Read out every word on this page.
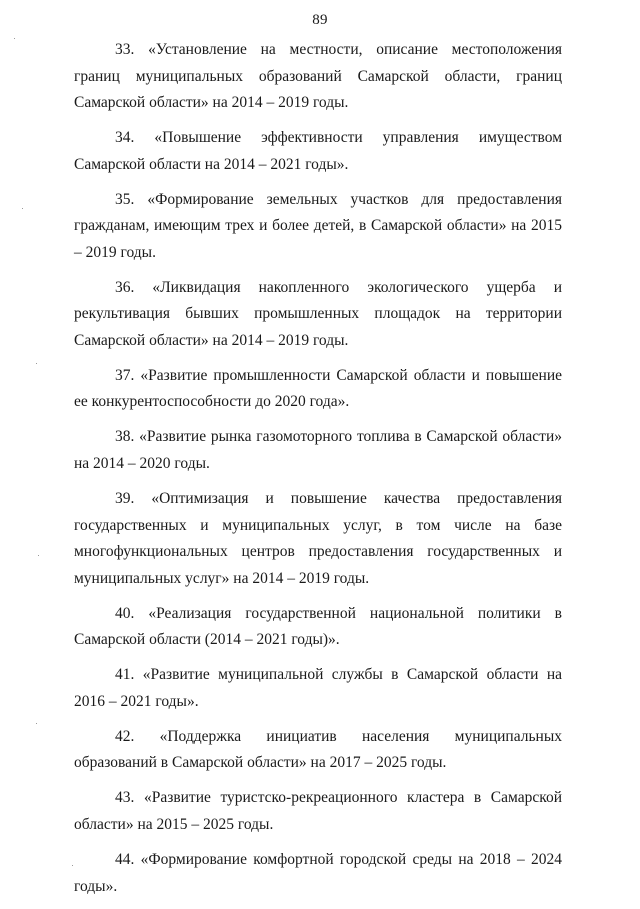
89

33. «Установление на местности, описание местоположения границ муниципальных образований Самарской области, границ Самарской области» на 2014 – 2019 годы.

34. «Повышение эффективности управления имуществом Самарской области на 2014 – 2021 годы».

35. «Формирование земельных участков для предоставления гражданам, имеющим трех и более детей, в Самарской области» на 2015 – 2019 годы.

36. «Ликвидация накопленного экологического ущерба и рекультивация бывших промышленных площадок на территории Самарской области» на 2014 – 2019 годы.

37. «Развитие промышленности Самарской области и повышение ее конкурентоспособности до 2020 года».

38. «Развитие рынка газомоторного топлива в Самарской области» на 2014 – 2020 годы.

39. «Оптимизация и повышение качества предоставления государственных и муниципальных услуг, в том числе на базе многофункциональных центров предоставления государственных и муниципальных услуг» на 2014 – 2019 годы.

40. «Реализация государственной национальной политики в Самарской области (2014 – 2021 годы)».

41. «Развитие муниципальной службы в Самарской области на 2016 – 2021 годы».

42. «Поддержка инициатив населения муниципальных образований в Самарской области» на 2017 – 2025 годы.

43. «Развитие туристско-рекреационного кластера в Самарской области» на 2015 – 2025 годы.

44. «Формирование комфортной городской среды на 2018 – 2024 годы».
